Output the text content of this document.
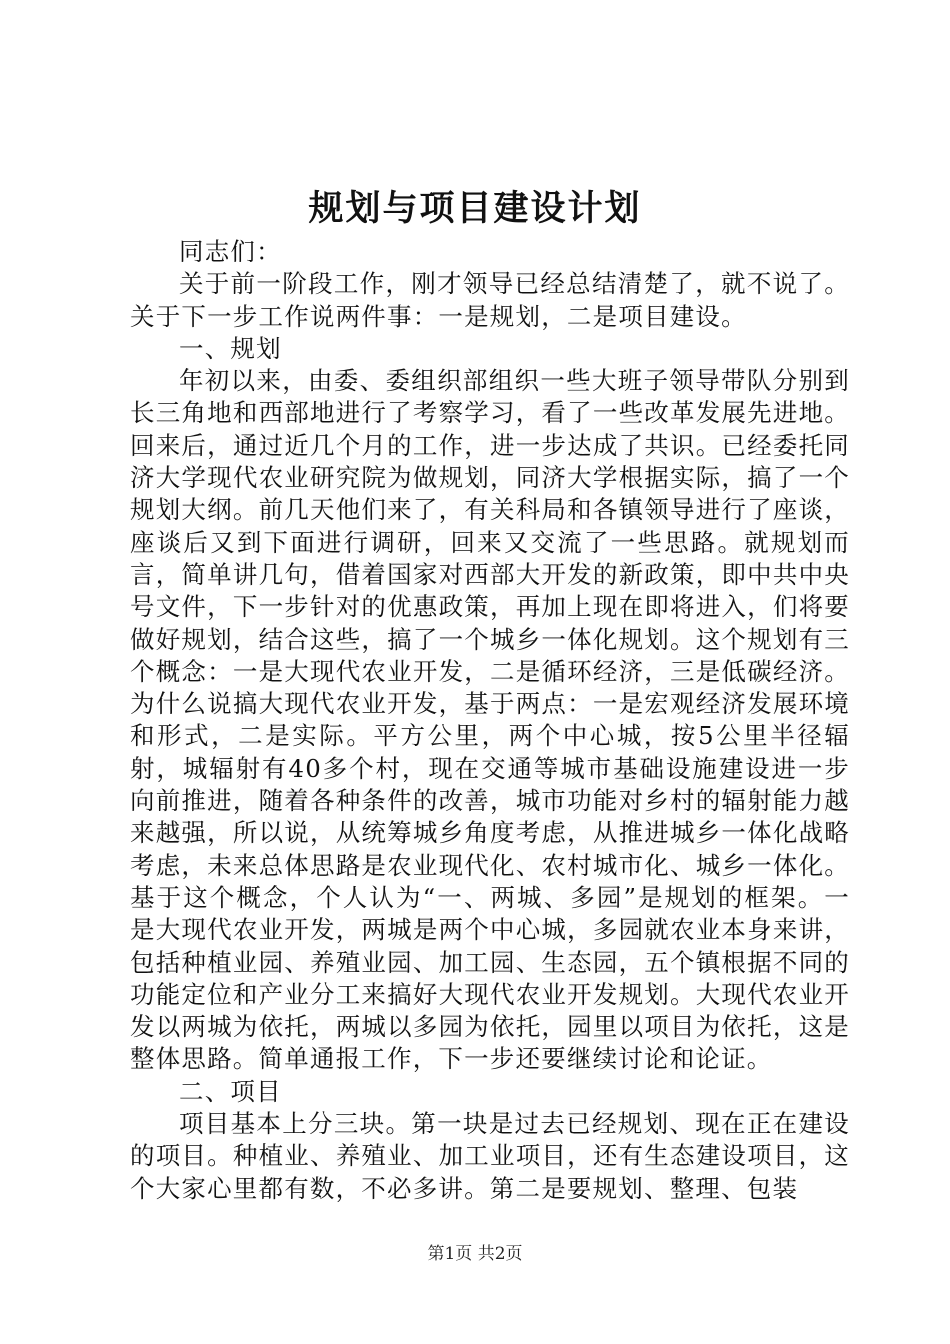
规划与项目建设计划

同志们：

关于前一阶段工作，刚才领导已经总结清楚了，就不说了。关于下一步工作说两件事：一是规划，二是项目建设。

一、规划

年初以来，由委、委组织部组织一些大班子领导带队分别到长三角地和西部地进行了考察学习，看了一些改革发展先进地。回来后，通过近几个月的工作，进一步达成了共识。已经委托同济大学现代农业研究院为做规划，同济大学根据实际，搞了一个规划大纲。前几天他们来了，有关科局和各镇领导进行了座谈，座谈后又到下面进行调研，回来又交流了一些思路。就规划而言，简单讲几句，借着国家对西部大开发的新政策，即中共中央号文件，下一步针对的优惠政策，再加上现在即将进入，们将要做好规划，结合这些，搞了一个城乡一体化规划。这个规划有三个概念：一是大现代农业开发，二是循环经济，三是低碳经济。为什么说搞大现代农业开发，基于两点：一是宏观经济发展环境和形式，二是实际。平方公里，两个中心城，按5公里半径辐射，城辐射有40多个村，现在交通等城市基础设施建设进一步向前推进，随着各种条件的改善，城市功能对乡村的辐射能力越来越强，所以说，从统筹城乡角度考虑，从推进城乡一体化战略考虑，未来总体思路是农业现代化、农村城市化、城乡一体化。基于这个概念，个人认为“一、两城、多园”是规划的框架。一是大现代农业开发，两城是两个中心城，多园就农业本身来讲，包括种植业园、养殖业园、加工园、生态园，五个镇根据不同的功能定位和产业分工来搞好大现代农业开发规划。大现代农业开发以两城为依托，两城以多园为依托，园里以项目为依托，这是整体思路。简单通报工作，下一步还要继续讨论和论证。

二、项目

项目基本上分三块。第一块是过去已经规划、现在正在建设的项目。种植业、养殖业、加工业项目，还有生态建设项目，这个大家心里都有数，不必多讲。第二是要规划、整理、包装

第1页 共2页
